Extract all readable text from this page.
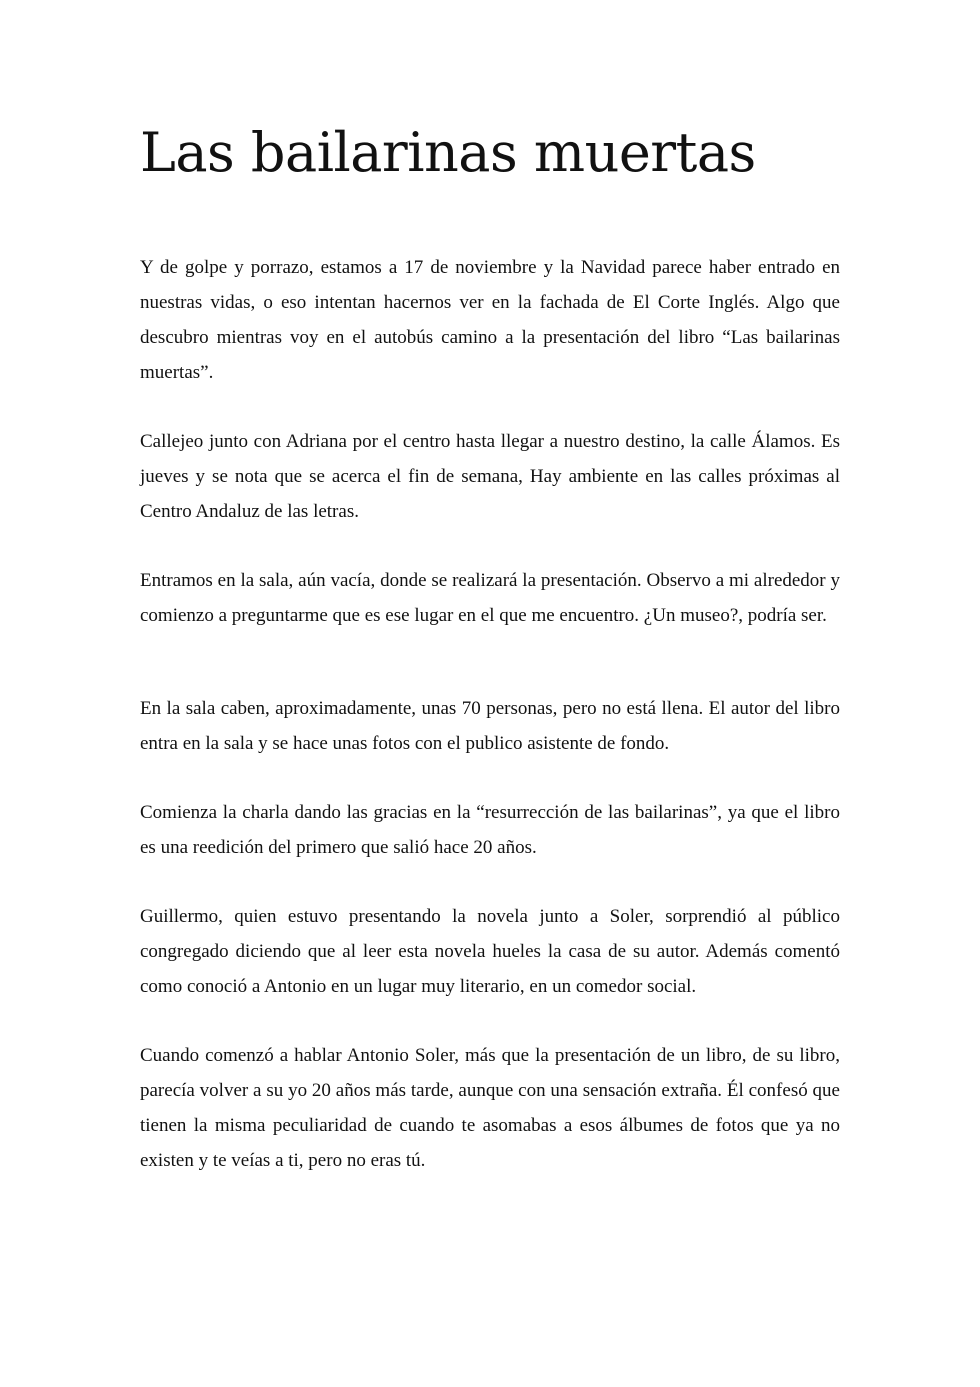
Las bailarinas muertas

Y de golpe y porrazo, estamos a 17 de noviembre y la Navidad parece haber entrado en nuestras vidas, o eso intentan hacernos ver en la fachada de El Corte Inglés. Algo que descubro mientras voy en el autobús camino a la presentación del libro “Las bailarinas muertas”.

Callejeo junto con Adriana por el centro hasta llegar a nuestro destino, la calle Álamos. Es jueves y se nota que se acerca el fin de semana, Hay ambiente en las calles próximas al Centro Andaluz de las letras.

Entramos en la sala, aún vacía, donde se realizará la presentación. Observo a mi alrededor y comienzo a preguntarme que es ese lugar en el que me encuentro. ¿Un museo?, podría ser.

En la sala caben, aproximadamente, unas 70 personas, pero no está llena. El autor del libro entra en la sala y se hace unas fotos con el publico asistente de fondo.

Comienza la charla dando las gracias en la “resurrección de las bailarinas”, ya que el libro es una reedición del primero que salió hace 20 años.

Guillermo, quien estuvo presentando la novela junto a Soler, sorprendió al público congregado diciendo que al leer esta novela hueles la casa de su autor. Además comentó como conoció a Antonio en un lugar muy literario, en un comedor social.

Cuando comenzó a hablar Antonio Soler, más que la presentación de un libro, de su libro, parecía volver a su yo 20 años más tarde, aunque con una sensación extraña. Él confesó que tienen la misma peculiaridad de cuando te asomabas a esos álbumes de fotos que ya no existen y te veías a ti, pero no eras tú.
